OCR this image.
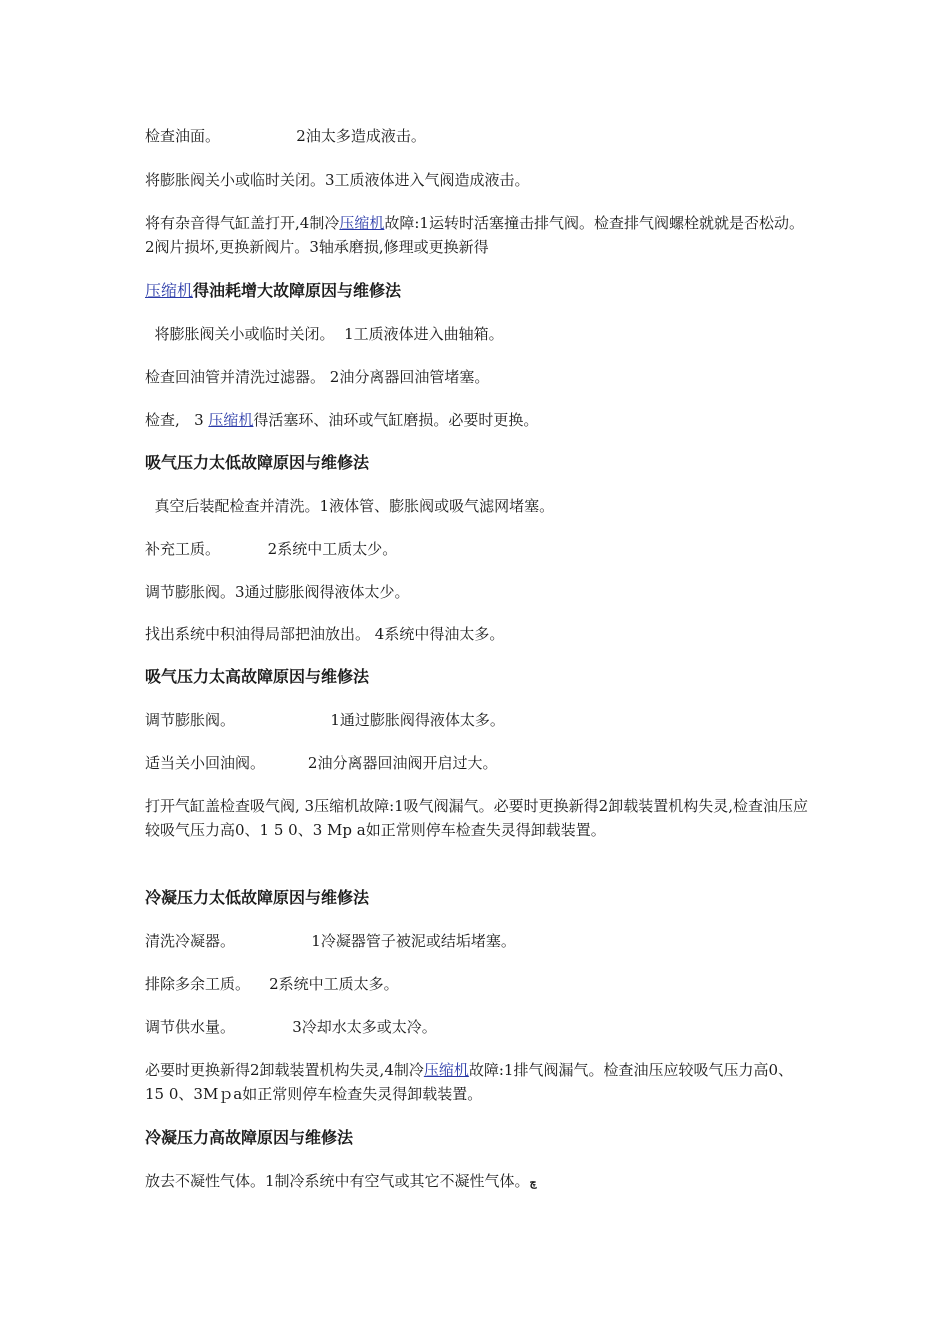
检查油面。                2油太多造成液击。
将膨胀阀关小或临时关闭。3工质液体进入气阀造成液击。
将有杂音得气缸盖打开,4制冷压缩机故障:1运转时活塞撞击排气阀。检查排气阀螺栓就就是否松动。2阀片损坏,更换新阀片。3轴承磨损,修理或更换新得
压缩机得油耗增大故障原因与维修法
将膨胀阀关小或临时关闭。  1工质液体进入曲轴箱。
检查回油管并清洗过滤器。 2油分离器回油管堵塞。
检查,   3 压缩机得活塞环、油环或气缸磨损。必要时更换。
吸气压力太低故障原因与维修法
真空后装配检查并清洗。1液体管、膨胀阀或吸气滤网堵塞。
补充工质。          2系统中工质太少。
调节膨胀阀。3通过膨胀阀得液体太少。
找出系统中积油得局部把油放出。 4系统中得油太多。
吸气压力太高故障原因与维修法
调节膨胀阀。                    1通过膨胀阀得液体太多。
适当关小回油阀。         2油分离器回油阀开启过大。
打开气缸盖检查吸气阀, 3压缩机故障:1吸气阀漏气。必要时更换新得2卸载装置机构失灵,检查油压应较吸气压力高0、1 5 0、3 Mp a如正常则停车检查失灵得卸载装置。
冷凝压力太低故障原因与维修法
清洗冷凝器。                1冷凝器管子被泥或结垢堵塞。
排除多余工质。    2系统中工质太多。
调节供水量。            3冷却水太多或太冷。
必要时更换新得2卸载装置机构失灵,4制冷压缩机故障:1排气阀漏气。检查油压应较吸气压力高0、15 0、3Mｐa如正常则停车检查失灵得卸载装置。
冷凝压力高故障原因与维修法
放去不凝性气体。1制冷系统中有空气或其它不凝性气体。چ
